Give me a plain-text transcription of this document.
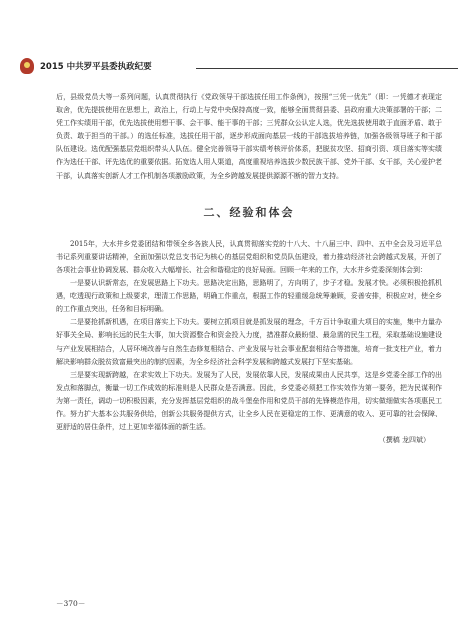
2015 中共罗平县委执政纪要

后，县级党员大等一系列问题，认真贯彻执行《党政领导干部选拔任用工作条例》，按照“三凭一优先”（即：一凭德才表现定取舍，优先提拔使用在思想上，政治上，行动上与党中央保持高度一致，能够全面贯彻县委、县政府重大决策部署的干部；二凭工作实绩用干部，优先选拔使用想干事、会干事、能干事的干部；三凭群众公认定人选，优先选拔使用敢于直面矛盾、敢于负责、敢于担当的干部。）的选任标准，选拔任用干部，逐步形成面向基层一线的干部选拔培养链，加强各级领导班子和干部队伍建设。选优配强基层党组织带头人队伍。健全完善领导干部实绩考核评价体系，把脱贫攻坚、招商引资、项目落实等实绩作为选任干部、评先选优的重要依据。拓宽选人用人渠道，高度重视培养选拔少数民族干部、党外干部、女干部，关心爱护老干部，认真落实创新人才工作机制各项激励政策，为全乡跨越发展提供源源不断的智力支持。

二、经验和体会

2015年，大水井乡党委团结和带领全乡各族人民，认真贯彻落实党的十八大、十八届三中、四中、五中全会及习近平总书记系列重要讲话精神，全面加强以党总支书记为核心的基层党组织和党员队伍建设，着力推动经济社会跨越式发展，开创了各项社会事业协调发展、群众收入大幅增长、社会和谐稳定的良好局面。回顾一年来的工作，大水井乡党委深刻体会到：

一是要认识新常态，在发展思路上下功夫。思路决定出路，思路明了，方向明了，步子才稳。发展才快。必须积极抢抓机遇，吃透现行政策和上级要求，理清工作思路，明确工作重点，根据工作的轻重缓急统筹兼顾，妥善安排，积极应对，使全乡的工作重点突出，任务和目标明确。

二是要抢抓新机遇，在项目落实上下功夫。要树立抓项目就是抓发展的理念，千方百计争取重大项目的实施，集中力量办好事关全局、影响长远的民生大事，加大资源整合和资金投入力度，措准群众最盼望、最急需的民生工程，采取基础设施建设与产业发展相结合，人居环境改善与自然生态修复相结合、产业发展与社会事业配套相结合等措施，培育一批支柱产业，着力解决影响群众脱贫致富最突出的制约因素，为全乡经济社会科学发展和跨越式发展打下坚实基础。

三是要实现新跨越，在求实效上下功夫。发展为了人民，发展依靠人民，发展成果由人民共享，这是乡党委全部工作的出发点和落脚点，衡量一切工作成效的标准则是人民群众是否满意。因此，乡党委必须把工作实效作为第一要务，把为民谋利作为第一责任，调动一切积极因素，充分发挥基层党组织的战斗堡垒作用和党员干部的先锋模范作用，切实做细做实各项惠民工作。努力扩大基本公共服务供给，创新公共服务提供方式，让全乡人民在更稳定的工作、更满意的收入、更可靠的社会保障、更舒适的居住条件，过上更加幸福体面的新生活。

（撰稿 龙四斌）
－370－
